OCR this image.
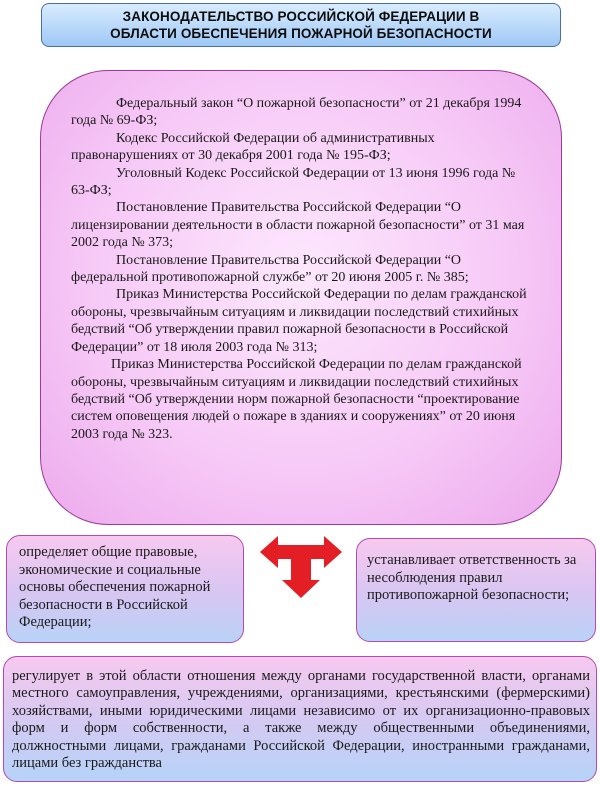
ЗАКОНОДАТЕЛЬСТВО РОССИЙСКОЙ ФЕДЕРАЦИИ В
ОБЛАСТИ ОБЕСПЕЧЕНИЯ ПОЖАРНОЙ БЕЗОПАСНОСТИ

Федеральный закон “О пожарной безопасности” от 21 декабря 1994 года № 69-ФЗ;

Кодекс Российской Федерации об административных правонарушениях от 30 декабря 2001 года № 195-ФЗ;

Уголовный Кодекс Российской Федерации от 13 июня 1996 года № 63-ФЗ;

Постановление Правительства Российской Федерации “О лицензировании деятельности в области пожарной безопасности” от 31 мая 2002 года № 373;

Постановление Правительства Российской Федерации “О федеральной противопожарной службе” от 20 июня 2005 г. № 385;

Приказ Министерства Российской Федерации по делам гражданской обороны, чрезвычайным ситуациям и ликвидации последствий стихийных бедствий “Об утверждении правил пожарной безопасности в Российской Федерации” от 18 июля 2003 года № 313;

Приказ Министерства Российской Федерации по делам гражданской обороны, чрезвычайным ситуациям и ликвидации последствий стихийных бедствий “Об утверждении норм пожарной безопасности “проектирование систем оповещения людей о пожаре в зданиях и сооружениях” от 20 июня 2003 года № 323.

определяет общие правовые, экономические и социальные основы обеспечения пожарной безопасности в Российской Федерации;
устанавливает ответственность за несоблюдения правил противопожарной безопасности;
регулирует в этой области отношения между органами государственной власти, органами местного самоуправления, учреждениями, организациями, крестьянскими (фермерскими) хозяйствами, иными юридическими лицами независимо от их организационно-правовых форм и форм собственности, а также между общественными объединениями, должностными лицами, гражданами Российской Федерации, иностранными гражданами, лицами без гражданства
